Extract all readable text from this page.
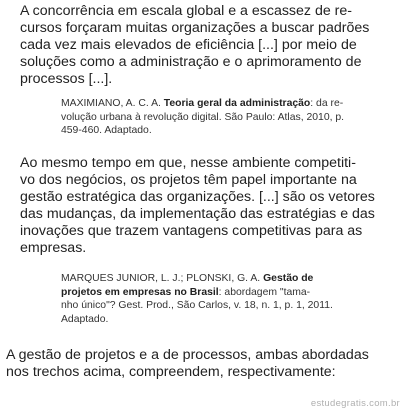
A concorrência em escala global e a escassez de re-
cursos forçaram muitas organizações a buscar padrões
cada vez mais elevados de eficiência [...] por meio de
soluções como a administração e o aprimoramento de
processos [...].
MAXIMIANO, A. C. A. Teoria geral da administração: da re-
volução urbana à revolução digital. São Paulo: Atlas, 2010, p.
459-460. Adaptado.
Ao mesmo tempo em que, nesse ambiente competiti-
vo dos negócios, os projetos têm papel importante na
gestão estratégica das organizações. [...] são os vetores
das mudanças, da implementação das estratégias e das
inovações que trazem vantagens competitivas para as
empresas.
MARQUES JUNIOR, L. J.; PLONSKI, G. A. Gestão de
projetos em empresas no Brasil: abordagem "tama-
nho único"? Gest. Prod., São Carlos, v. 18, n. 1, p. 1, 2011.
Adaptado.
A gestão de projetos e a de processos, ambas abordadas
nos trechos acima, compreendem, respectivamente:
estudegratis.com.br
